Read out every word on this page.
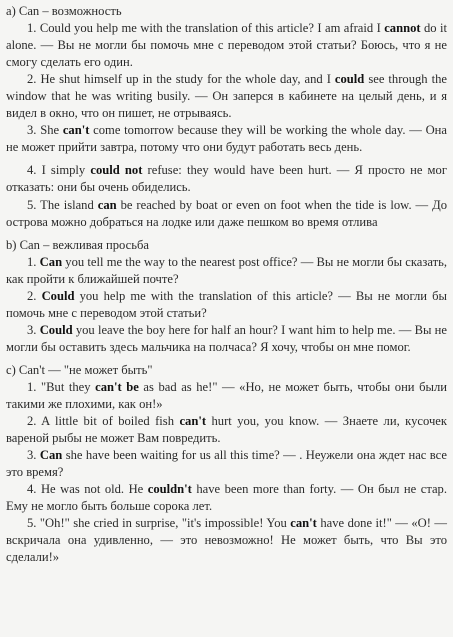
a) Can – возможность

1. Could you help me with the translation of this article? I am afraid I cannot do it alone. — Вы не могли бы помочь мне с переводом этой статьи? Боюсь, что я не смогу сделать его один.

2. He shut himself up in the study for the whole day, and I could see through the window that he was writing busily. — Он заперся в кабинете на целый день, и я видел в окно, что он пишет, не отрываясь.

3. She can't come tomorrow because they will be working the whole day. — Она не может прийти завтра, потому что они будут работать весь день.

4. I simply could not refuse: they would have been hurt. — Я просто не мог отказать: они бы очень обиделись.

5. The island can be reached by boat or even on foot when the tide is low. — До острова можно добраться на лодке или даже пешком во время отлива

b) Can – вежливая просьба

1. Can you tell me the way to the nearest post office? — Вы не могли бы сказать, как пройти к ближайшей почте?

2. Could you help me with the translation of this article? — Вы не могли бы помочь мне с переводом этой статьи?

3. Could you leave the boy here for half an hour? I want him to help me. — Вы не могли бы оставить здесь мальчика на полчаса? Я хочу, чтобы он мне помог.

c) Can't — "не может быть"

1. "But they can't be as bad as he!" — «Но, не может быть, чтобы они были такими же плохими, как он!»

2. A little bit of boiled fish can't hurt you, you know. — Знаете ли, кусочек вареной рыбы не может Вам повредить.

3. Can she have been waiting for us all this time? — . Неужели она ждет нас все это время?

4. He was not old. He couldn't have been more than forty. — Он был не стар. Ему не могло быть больше сорока лет.

5. "Oh!" she cried in surprise, "it's impossible! You can't have done it!" — «О! — вскричала она удивленно, — это невозможно! Не может быть, что Вы это сделали!»
